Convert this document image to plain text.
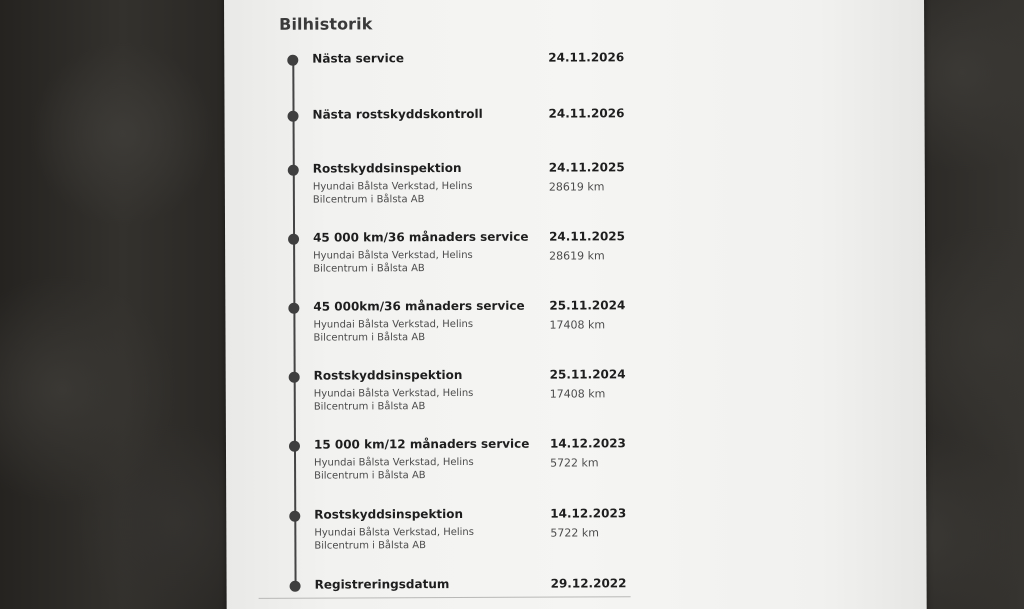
Bilhistorik
Nästa service	24.11.2026
Nästa rostskyddskontroll	24.11.2026
Rostskyddsinspektion	24.11.2025
Hyundai Bålsta Verkstad, Helins Bilcentrum i Bålsta AB
28619 km
45 000 km/36 månaders service 24.11.2025
Hyundai Bålsta Verkstad, Helins Bilcentrum i Bålsta AB
28619 km
45 000km/36 månaders service 25.11.2024
Hyundai Bålsta Verkstad, Helins Bilcentrum i Bålsta AB
17408 km
Rostskyddsinspektion	25.11.2024
Hyundai Bålsta Verkstad, Helins Bilcentrum i Bålsta AB
17408 km
15 000 km/12 månaders service 14.12.2023
Hyundai Bålsta Verkstad, Helins Bilcentrum i Bålsta AB
5722 km
Rostskyddsinspektion	14.12.2023
Hyundai Bålsta Verkstad, Helins Bilcentrum i Bålsta AB
5722 km
Registreringsdatum	29.12.2022
